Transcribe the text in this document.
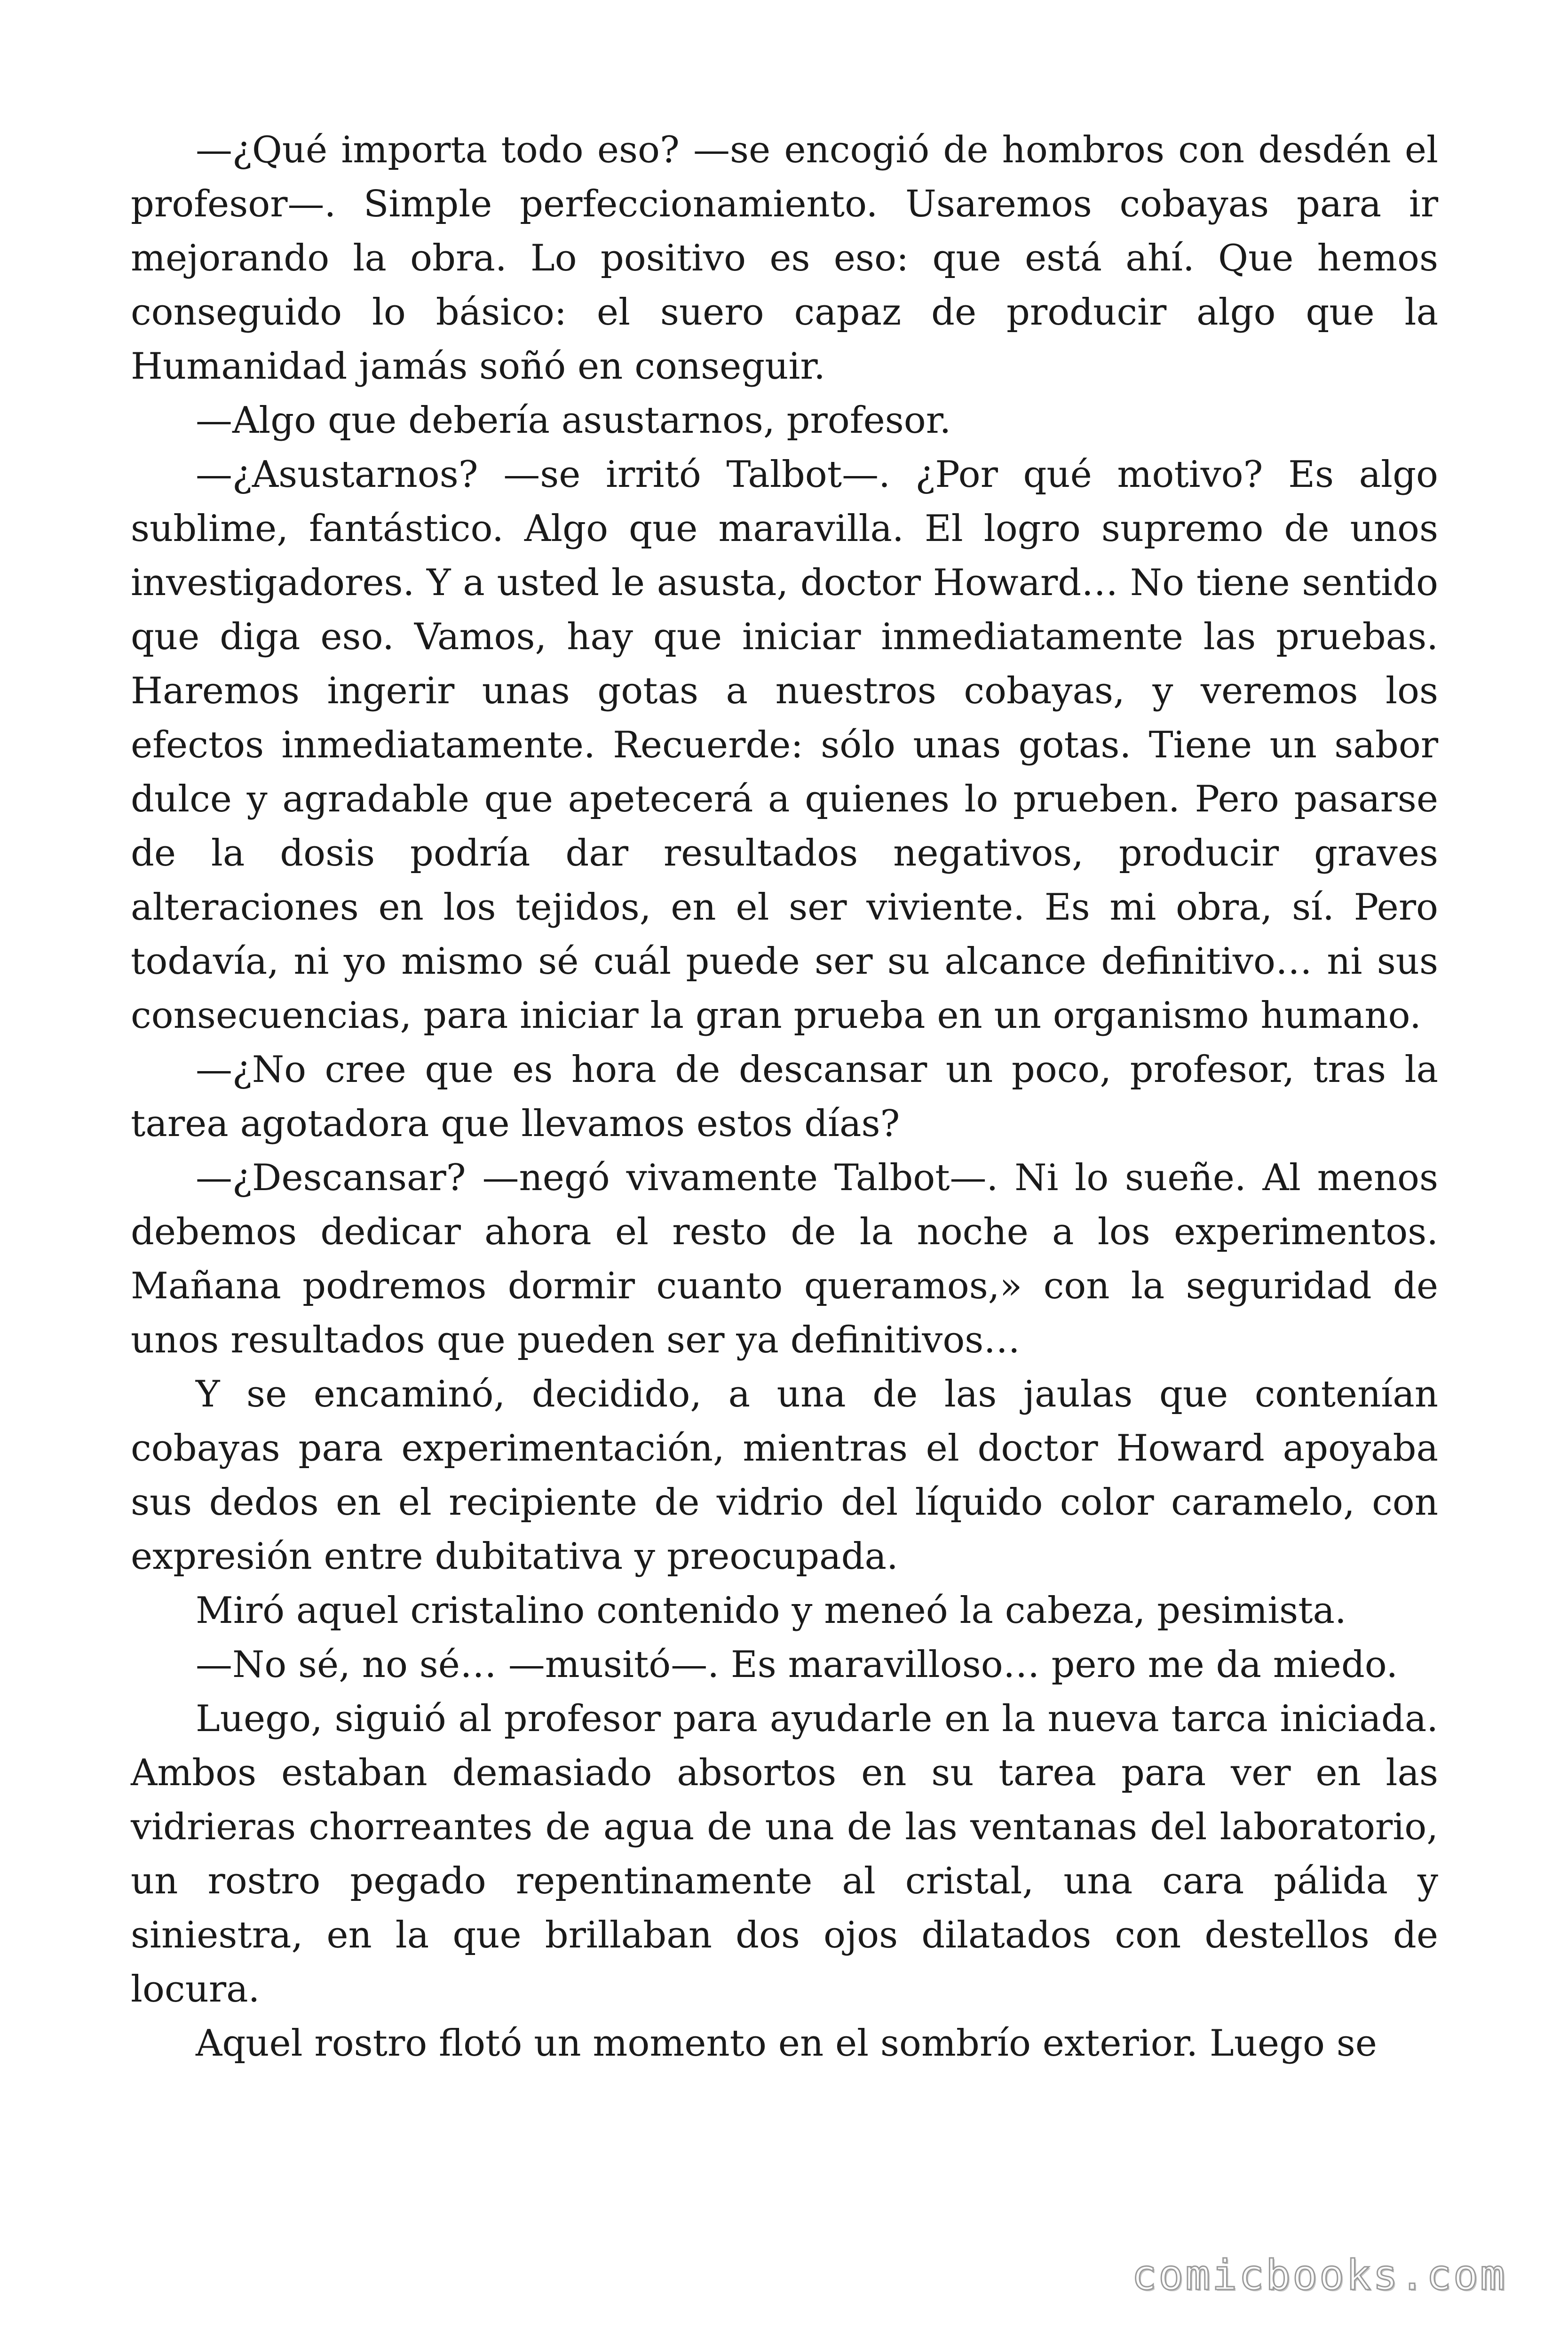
—¿Qué importa todo eso? —se encogió de hombros con desdén el profesor—. Simple perfeccionamiento. Usaremos cobayas para ir mejorando la obra. Lo positivo es eso: que está ahí. Que hemos conseguido lo básico: el suero capaz de producir algo que la Humanidad jamás soñó en conseguir.

—Algo que debería asustarnos, profesor.

—¿Asustarnos? —se irritó Talbot—. ¿Por qué motivo? Es algo sublime, fantástico. Algo que maravilla. El logro supremo de unos investigadores. Y a usted le asusta, doctor Howard… No tiene sentido que diga eso. Vamos, hay que iniciar inmediatamente las pruebas. Haremos ingerir unas gotas a nuestros cobayas, y veremos los efectos inmediatamente. Recuerde: sólo unas gotas. Tiene un sabor dulce y agradable que apetecerá a quienes lo prueben. Pero pasarse de la dosis podría dar resultados negativos, producir graves alteraciones en los tejidos, en el ser viviente. Es mi obra, sí. Pero todavía, ni yo mismo sé cuál puede ser su alcance definitivo… ni sus consecuencias, para iniciar la gran prueba en un organismo humano.

—¿No cree que es hora de descansar un poco, profesor, tras la tarea agotadora que llevamos estos días?

—¿Descansar? —negó vivamente Talbot—. Ni lo sueñe. Al menos debemos dedicar ahora el resto de la noche a los experimentos. Mañana podremos dormir cuanto queramos,» con la seguridad de unos resultados que pueden ser ya definitivos…

Y se encaminó, decidido, a una de las jaulas que contenían cobayas para experimentación, mientras el doctor Howard apoyaba sus dedos en el recipiente de vidrio del líquido color caramelo, con expresión entre dubitativa y preocupada.

Miró aquel cristalino contenido y meneó la cabeza, pesimista.

—No sé, no sé… —musitó—. Es maravilloso… pero me da miedo.

Luego, siguió al profesor para ayudarle en la nueva tarca iniciada. Ambos estaban demasiado absortos en su tarea para ver en las vidrieras chorreantes de agua de una de las ventanas del laboratorio, un rostro pegado repentinamente al cristal, una cara pálida y siniestra, en la que brillaban dos ojos dilatados con destellos de locura.

Aquel rostro flotó un momento en el sombrío exterior. Luego se

comicbooks.com
